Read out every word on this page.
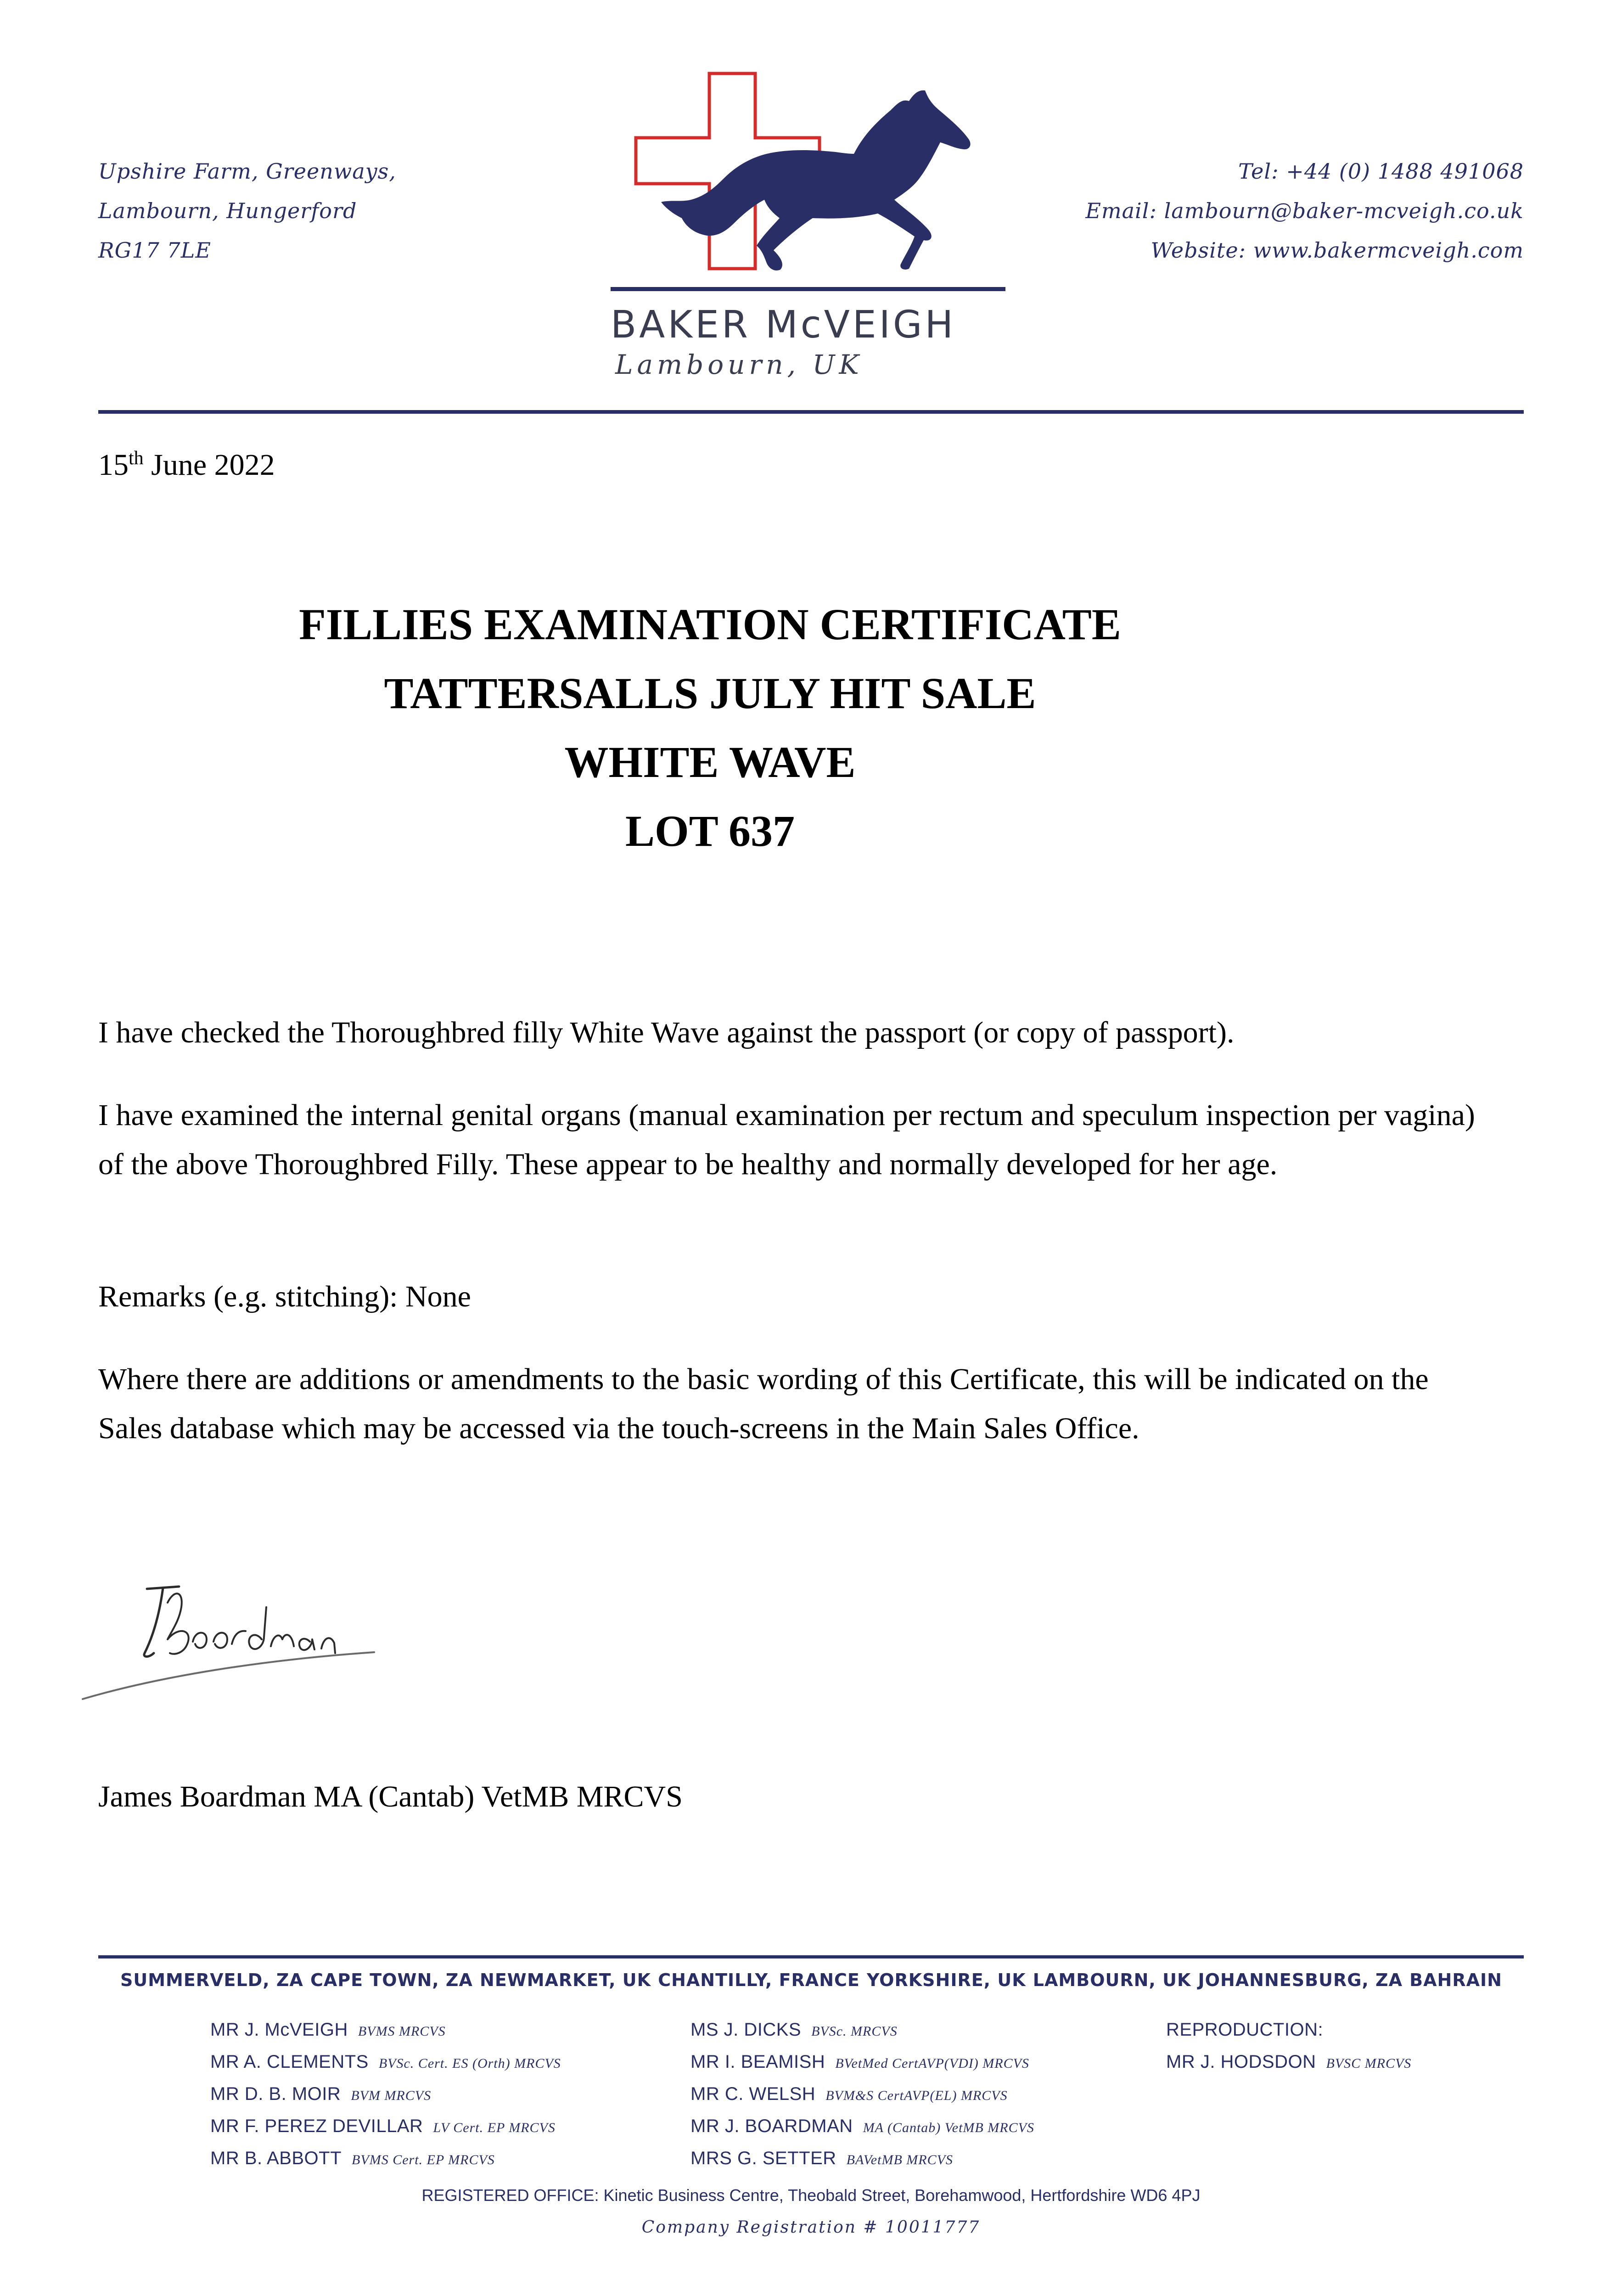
Upshire Farm, Greenways,
Lambourn, Hungerford
RG17 7LE
Tel: +44 (0) 1488 491068
Email: lambourn@baker-mcveigh.co.uk
Website: www.bakermcveigh.com
BAKER McVEIGH
Lambourn, UK
15th June 2022
FILLIES EXAMINATION CERTIFICATE
TATTERSALLS JULY HIT SALE
WHITE WAVE
LOT 637
I have checked the Thoroughbred filly White Wave against the passport (or copy of passport).
I have examined the internal genital organs (manual examination per rectum and speculum inspection per vagina) of the above Thoroughbred Filly. These appear to be healthy and normally developed for her age.
Remarks (e.g. stitching): None
Where there are additions or amendments to the basic wording of this Certificate, this will be indicated on the Sales database which may be accessed via the touch-screens in the Main Sales Office.
James Boardman MA (Cantab) VetMB MRCVS
SUMMERVELD, ZA CAPE TOWN, ZA NEWMARKET, UK CHANTILLY, FRANCE YORKSHIRE, UK LAMBOURN, UK JOHANNESBURG, ZA BAHRAIN
MR J. McVEIGH BVMS MRCVS
MR A. CLEMENTS BVSc. Cert. ES (Orth) MRCVS
MR D. B. MOIR BVM MRCVS
MR F. PEREZ DEVILLAR LV Cert. EP MRCVS
MR B. ABBOTT BVMS Cert. EP MRCVS
MS J. DICKS BVSc. MRCVS
MR I. BEAMISH BVetMed CertAVP(VDI) MRCVS
MR C. WELSH BVM&S CertAVP(EL) MRCVS
MR J. BOARDMAN MA (Cantab) VetMB MRCVS
MRS G. SETTER BAVetMB MRCVS
REPRODUCTION:
MR J. HODSDON BVSC MRCVS
REGISTERED OFFICE: Kinetic Business Centre, Theobald Street, Borehamwood, Hertfordshire WD6 4PJ
Company Registration # 10011777
